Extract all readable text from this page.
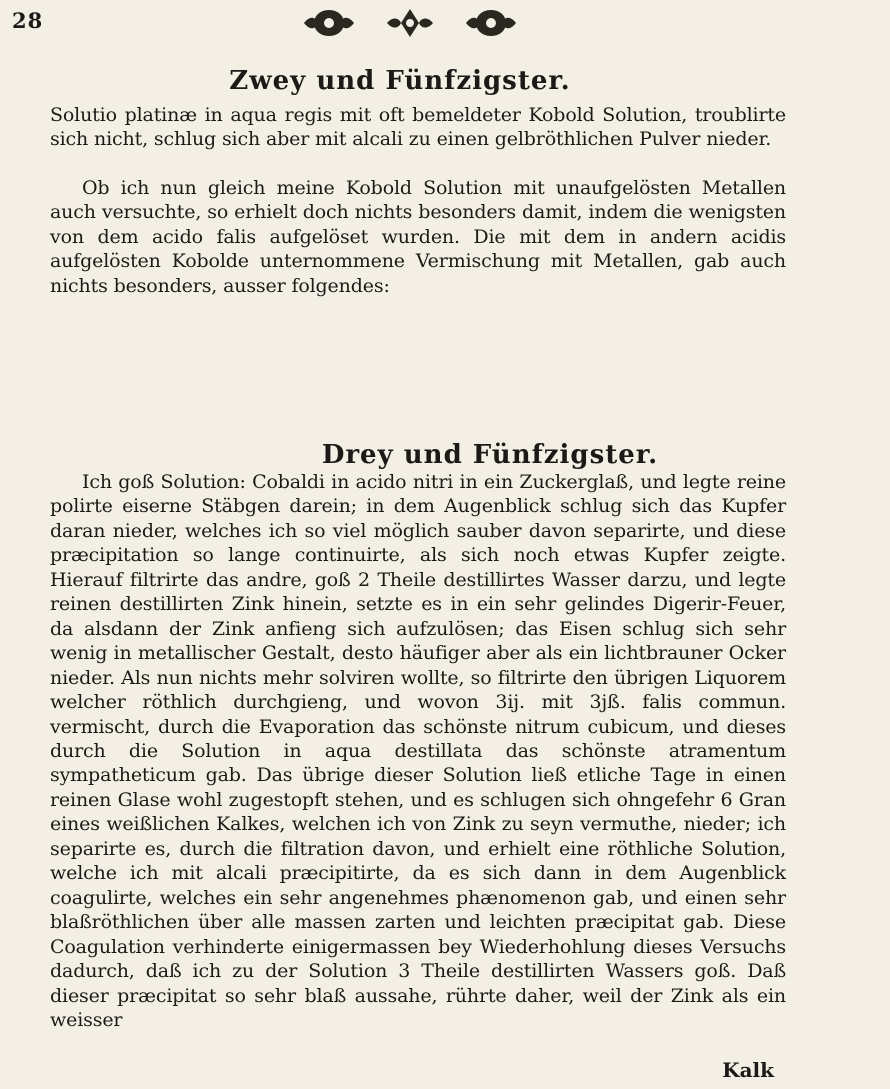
28
Zwey und Fünfzigster.
Solutio platinæ in aqua regis mit oft bemeldeter Kobold Solution, troublirte sich nicht, schlug sich aber mit alcali zu einen gelbröthlichen Pulver nieder.
Ob ich nun gleich meine Kobold Solution mit unaufgelösten Metallen auch versuchte, so erhielt doch nichts besonders damit, indem die wenigsten von dem acido falis aufgelöset wurden. Die mit dem in andern acidis aufgelösten Kobolde unternommene Vermischung mit Metallen, gab auch nichts besonders, ausser folgendes:
Drey und Fünfzigster.
Ich goß Solution: Cobaldi in acido nitri in ein Zuckerglaß, und legte reine polirte eiserne Stäbgen darein; in dem Augenblick schlug sich das Kupfer daran nieder, welches ich so viel möglich sauber davon separirte, und diese præcipitation so lange continuirte, als sich noch etwas Kupfer zeigte. Hierauf filtrirte das andre, goß 2 Theile destillirtes Wasser darzu, und legte reinen destillirten Zink hinein, setzte es in ein sehr gelindes Digerir-Feuer, da alsdann der Zink anfieng sich aufzulösen; das Eisen schlug sich sehr wenig in metallischer Gestalt, desto häufiger aber als ein lichtbrauner Ocker nieder. Als nun nichts mehr solviren wollte, so filtrirte den übrigen Liquorem welcher röthlich durchgieng, und wovon 3ij. mit 3jß. falis commun. vermischt, durch die Evaporation das schönste nitrum cubicum, und dieses durch die Solution in aqua destillata das schönste atramentum sympatheticum gab. Das übrige dieser Solution ließ etliche Tage in einen reinen Glase wohl zugestopft stehen, und es schlugen sich ohngefehr 6 Gran eines weißlichen Kalkes, welchen ich von Zink zu seyn vermuthe, nieder; ich separirte es, durch die filtration davon, und erhielt eine röthliche Solution, welche ich mit alcali præcipitirte, da es sich dann in dem Augenblick coagulirte, welches ein sehr angenehmes phænomenon gab, und einen sehr blaßröthlichen über alle massen zarten und leichten præcipitat gab. Diese Coagulation verhinderte einigermassen bey Wiederhohlung dieses Versuchs dadurch, daß ich zu der Solution 3 Theile destillirten Wassers goß. Daß dieser præcipitat so sehr blaß aussahe, rührte daher, weil der Zink als ein weisser
Kalk
